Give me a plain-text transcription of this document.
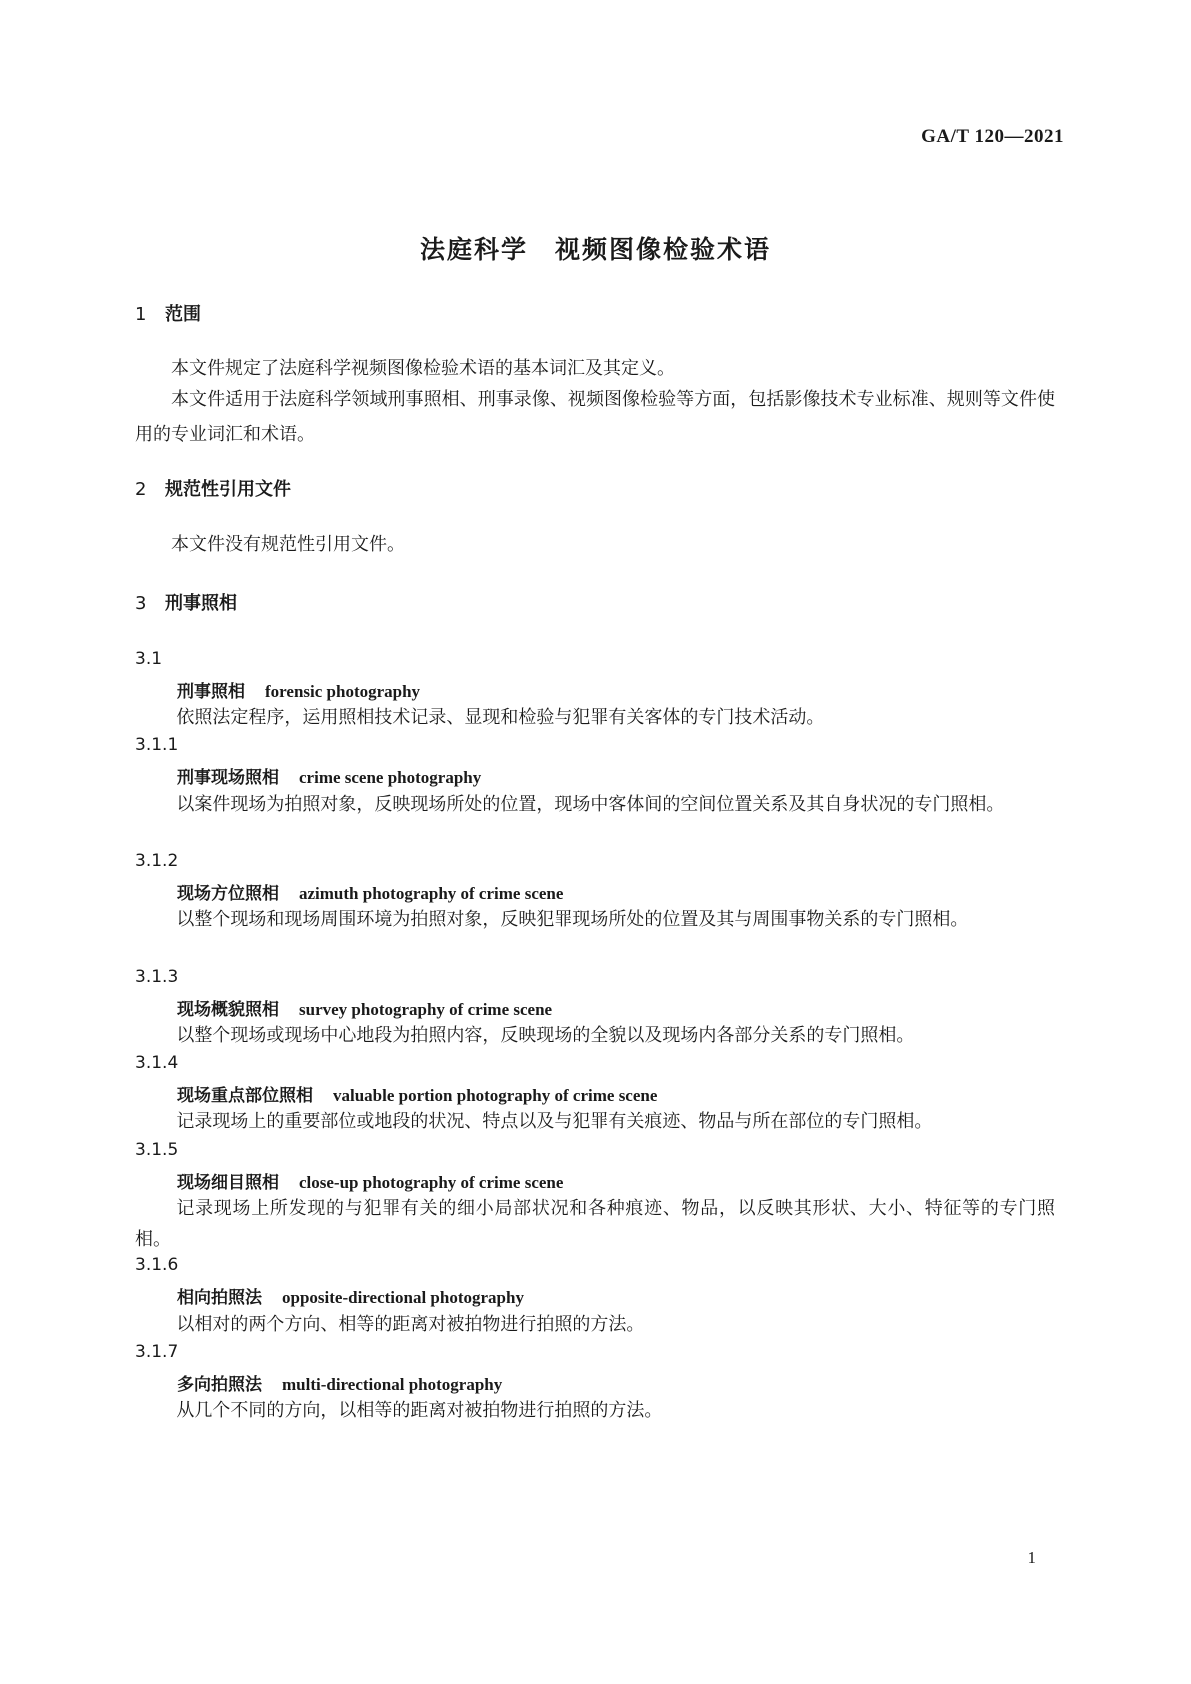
GA/T 120—2021
法庭科学　视频图像检验术语
1 范围
本文件规定了法庭科学视频图像检验术语的基本词汇及其定义。
本文件适用于法庭科学领域刑事照相、刑事录像、视频图像检验等方面，包括影像技术专业标准、规则等文件使用的专业词汇和术语。
2 规范性引用文件
本文件没有规范性引用文件。
3 刑事照相
3.1
刑事照相 forensic photography
依照法定程序，运用照相技术记录、显现和检验与犯罪有关客体的专门技术活动。
3.1.1
刑事现场照相 crime scene photography
以案件现场为拍照对象，反映现场所处的位置，现场中客体间的空间位置关系及其自身状况的专门照相。
3.1.2
现场方位照相 azimuth photography of crime scene
以整个现场和现场周围环境为拍照对象，反映犯罪现场所处的位置及其与周围事物关系的专门照相。
3.1.3
现场概貌照相 survey photography of crime scene
以整个现场或现场中心地段为拍照内容，反映现场的全貌以及现场内各部分关系的专门照相。
3.1.4
现场重点部位照相 valuable portion photography of crime scene
记录现场上的重要部位或地段的状况、特点以及与犯罪有关痕迹、物品与所在部位的专门照相。
3.1.5
现场细目照相 close-up photography of crime scene
记录现场上所发现的与犯罪有关的细小局部状况和各种痕迹、物品，以反映其形状、大小、特征等的专门照相。
3.1.6
相向拍照法 opposite-directional photography
以相对的两个方向、相等的距离对被拍物进行拍照的方法。
3.1.7
多向拍照法 multi-directional photography
从几个不同的方向，以相等的距离对被拍物进行拍照的方法。
1
